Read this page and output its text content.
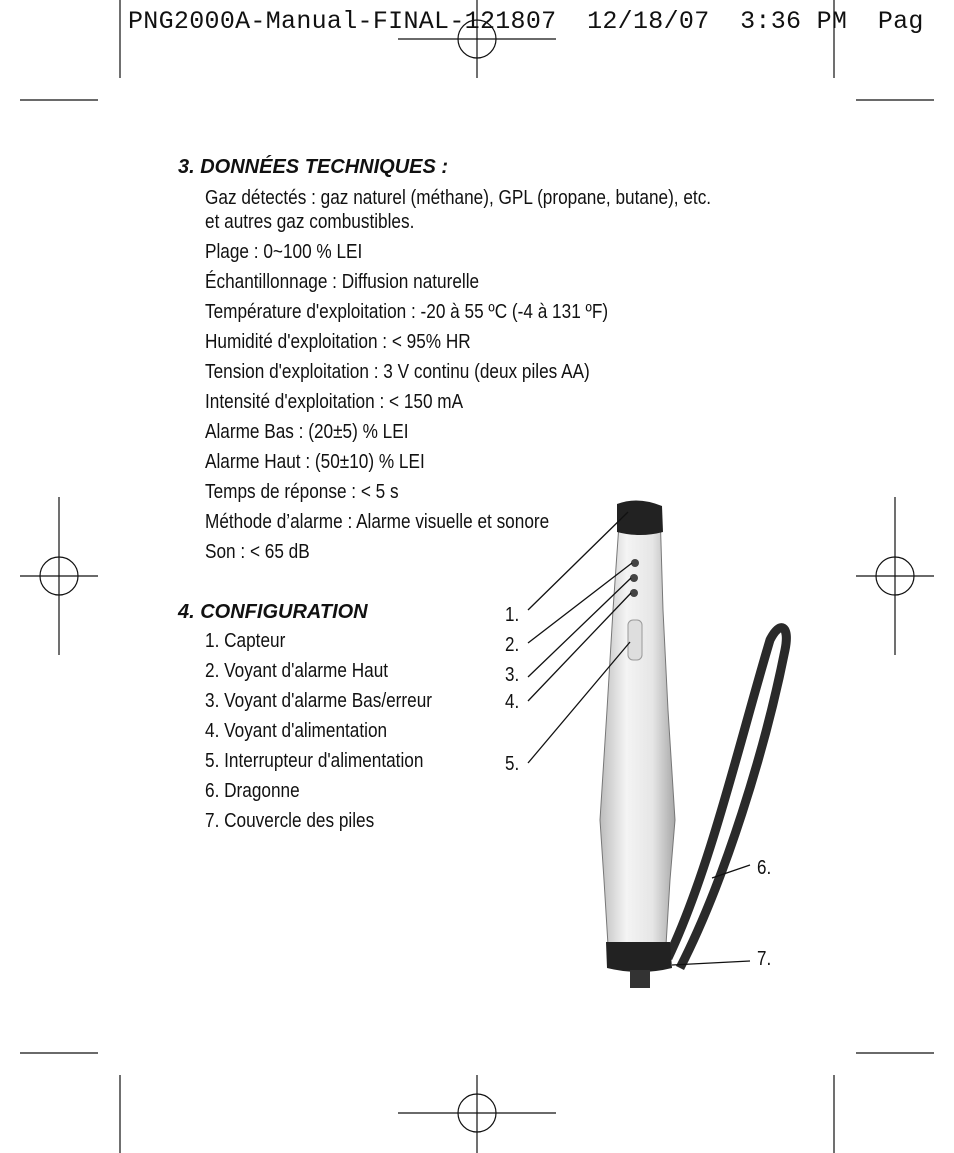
PNG2000A-Manual-FINAL-121807  12/18/07  3:36 PM  Pag
3. DONNÉES TECHNIQUES :
Gaz détectés : gaz naturel (méthane), GPL (propane, butane), etc. et autres gaz combustibles.
Plage : 0~100 % LEI
Échantillonnage : Diffusion naturelle
Température d'exploitation : -20 à 55 ºC (-4 à 131 ºF)
Humidité d'exploitation : < 95% HR
Tension d'exploitation : 3 V continu (deux piles AA)
Intensité d'exploitation : < 150 mA
Alarme Bas : (20±5) % LEI
Alarme Haut : (50±10) % LEI
Temps de réponse : < 5 s
Méthode d’alarme : Alarme visuelle et sonore
Son : < 65 dB
4. CONFIGURATION
1. Capteur
2. Voyant d'alarme Haut
3. Voyant d'alarme Bas/erreur
4. Voyant d'alimentation
5. Interrupteur d'alimentation
6. Dragonne
7. Couvercle des piles
1.
2.
3.
4.
5.
6.
7.
